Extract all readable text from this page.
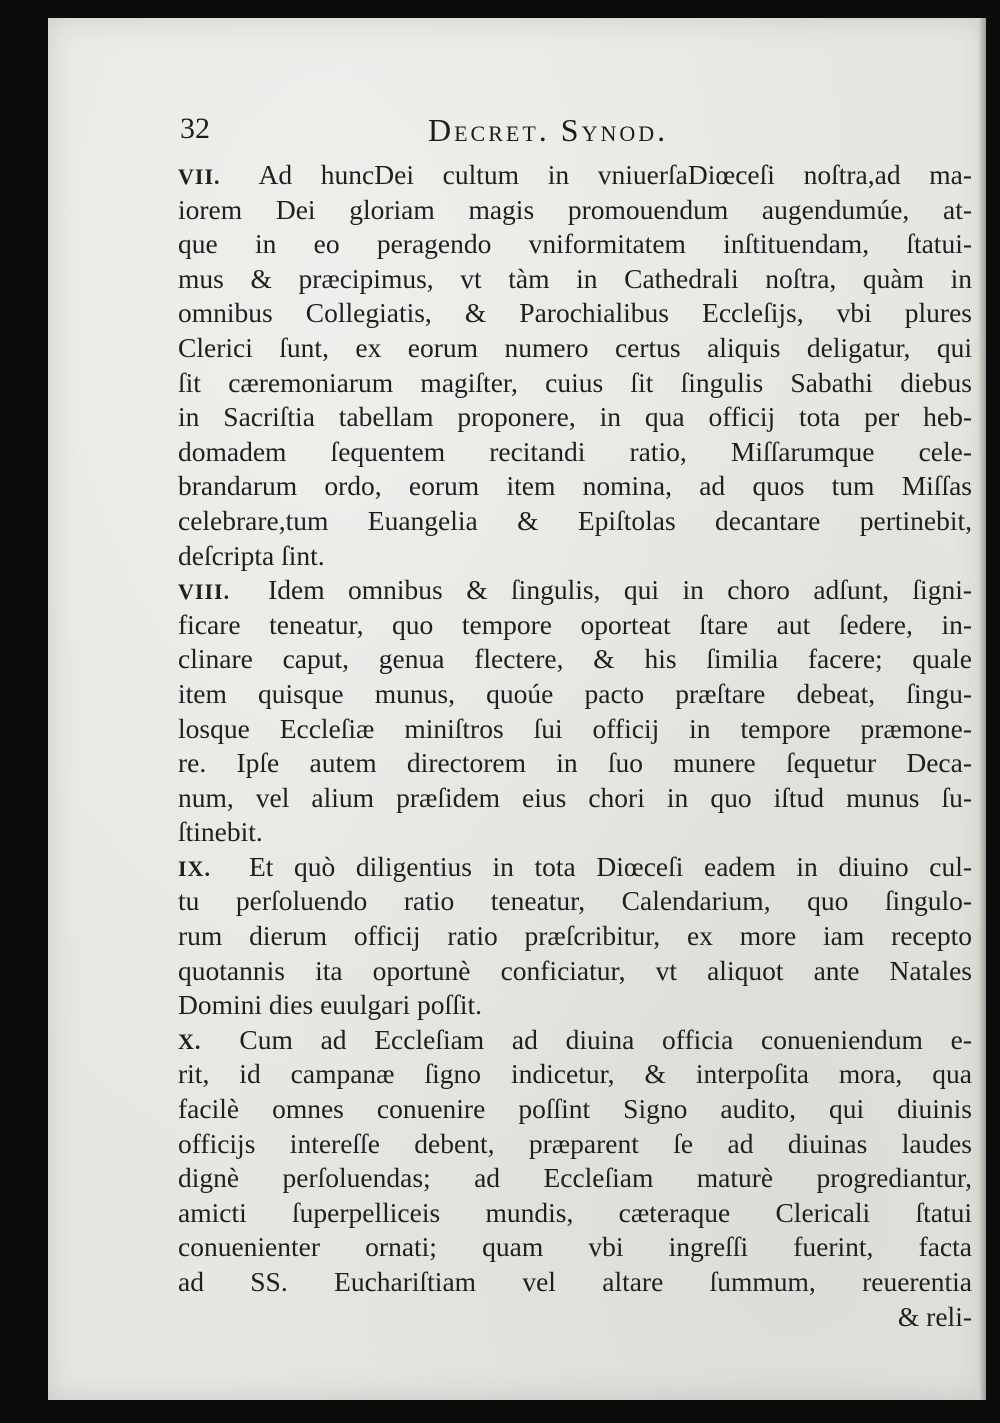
32	Decret. Synod.
VII. Ad huncDei cultum in vniuerſaDiœceſi noſtra,ad ma-
iorem Dei gloriam magis promouendum augendumúe, at-
que in eo peragendo vniformitatem inſtituendam, ſtatui-
mus & præcipimus, vt tàm in Cathedrali noſtra, quàm in
omnibus Collegiatis, & Parochialibus Eccleſijs, vbi plures
Clerici ſunt, ex eorum numero certus aliquis deligatur, qui
ſit cæremoniarum magiſter, cuius ſit ſingulis Sabathi diebus
in Sacriſtia tabellam proponere, in qua officij tota per heb-
domadem ſequentem recitandi ratio, Miſſarumque cele-
brandarum ordo, eorum item nomina, ad quos tum Miſſas
celebrare,tum Euangelia & Epiſtolas decantare pertinebit,
deſcripta ſint.
VIII. Idem omnibus & ſingulis, qui in choro adſunt, ſigni-
ficare teneatur, quo tempore oporteat ſtare aut ſedere, in-
clinare caput, genua flectere, & his ſimilia facere; quale
item quisque munus, quoúe pacto præſtare debeat, ſingu-
losque Eccleſiæ miniſtros ſui officij in tempore præmone-
re. Ipſe autem directorem in ſuo munere ſequetur Deca-
num, vel alium præſidem eius chori in quo iſtud munus ſu-
ſtinebit.
IX. Et quò diligentius in tota Diœceſi eadem in diuino cul-
tu perſoluendo ratio teneatur, Calendarium, quo ſingulo-
rum dierum officij ratio præſcribitur, ex more iam recepto
quotannis ita oportunè conficiatur, vt aliquot ante Natales
Domini dies euulgari poſſit.
X. Cum ad Eccleſiam ad diuina officia conueniendum e-
rit, id campanæ ſigno indicetur, & interpoſita mora, qua
facilè omnes conuenire poſſint Signo audito, qui diuinis
officijs intereſſe debent, præparent ſe ad diuinas laudes
dignè perſoluendas; ad Eccleſiam maturè progrediantur,
amicti ſuperpelliceis mundis, cæteraque Clericali ſtatui
conuenienter ornati; quam vbi ingreſſi fuerint, facta
ad SS. Euchariſtiam vel altare ſummum, reuerentia
& reli-
